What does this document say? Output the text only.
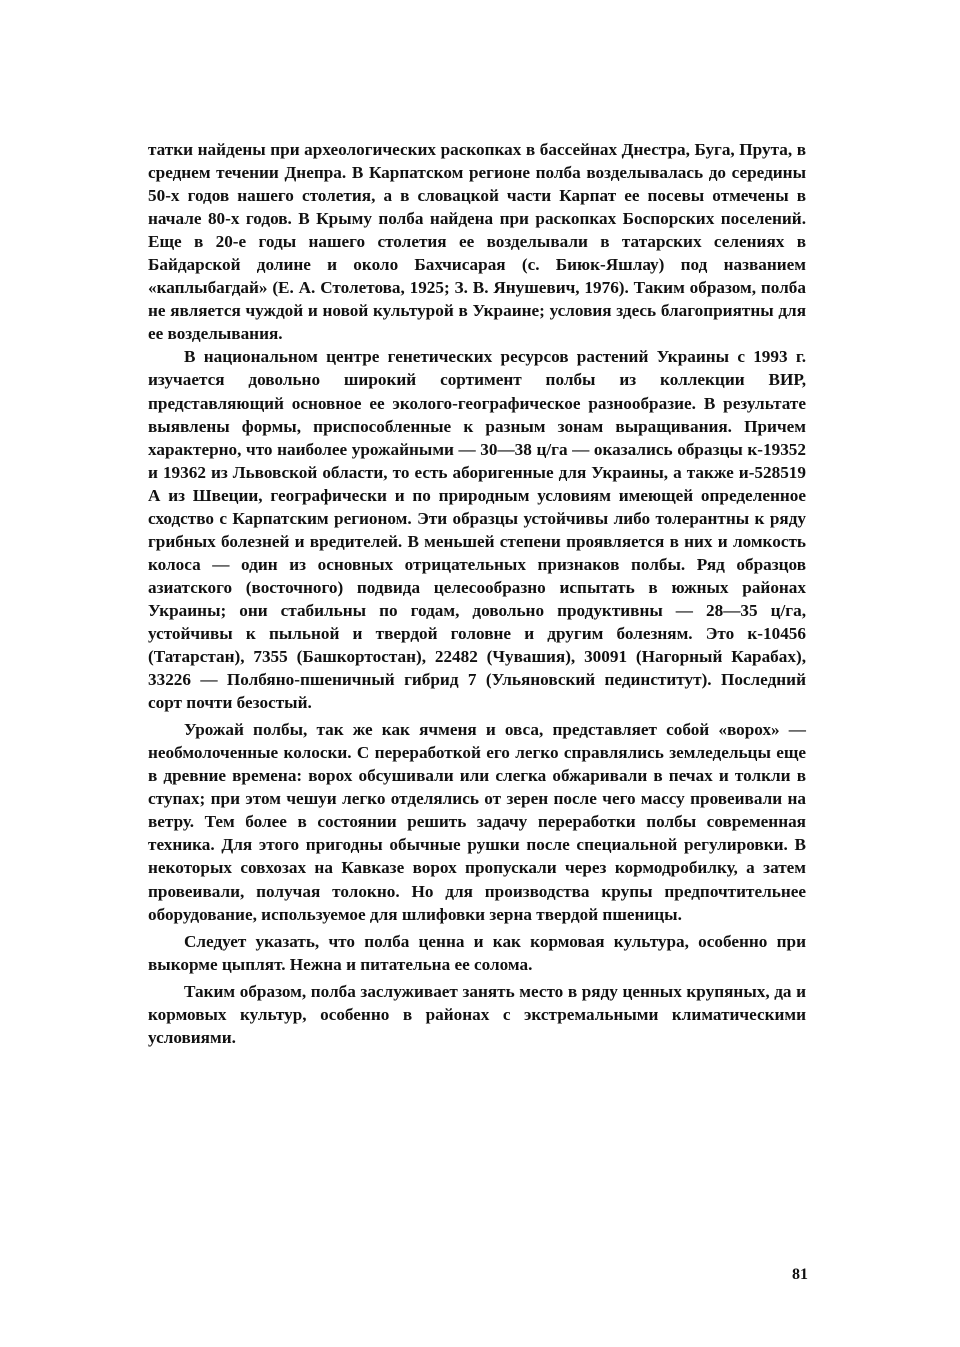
татки найдены при археологических раскопках в бассейнах Днестра, Буга, Прута, в среднем течении Днепра. В Карпатском регионе полба возделывалась до середины 50-х годов нашего столетия, а в словацкой части Карпат ее посевы отмечены в начале 80-х годов. В Крыму полба найдена при раскопках Боспорских поселений. Еще в 20-е годы нашего столетия ее возделывали в татарских селениях в Байдарской долине и около Бахчисарая (с. Биюк-Яшлау) под названием «каплыбагдай» (Е. А. Столетова, 1925; З. В. Янушевич, 1976). Таким образом, полба не является чуждой и новой культурой в Украине; условия здесь благоприятны для ее возделывания.

В национальном центре генетических ресурсов растений Украины с 1993 г. изучается довольно широкий сортимент полбы из коллекции ВИР, представляющий основное ее эколого-географическое разнообразие. В результате выявлены формы, приспособленные к разным зонам выращивания. Причем характерно, что наиболее урожайными — 30—38 ц/га — оказались образцы к-19352 и 19362 из Львовской области, то есть аборигенные для Украины, а также и-528519 А из Швеции, географически и по природным условиям имеющей определенное сходство с Карпатским регионом. Эти образцы устойчивы либо толерантны к ряду грибных болезней и вредителей. В меньшей степени проявляется в них и ломкость колоса — один из основных отрицательных признаков полбы. Ряд образцов азиатского (восточного) подвида целесообразно испытать в южных районах Украины; они стабильны по годам, довольно продуктивны — 28—35 ц/га, устойчивы к пыльной и твердой головне и другим болезням. Это к-10456 (Татарстан), 7355 (Башкортостан), 22482 (Чувашия), 30091 (Нагорный Карабах), 33226 — Полбяно-пшеничный гибрид 7 (Ульяновский пединститут). Последний сорт почти безостый.

Урожай полбы, так же как ячменя и овса, представляет собой «ворох» — необмолоченные колоски. С переработкой его легко справлялись земледельцы еще в древние времена: ворох обсушивали или слегка обжаривали в печах и толкли в ступах; при этом чешуи легко отделялись от зерен после чего массу провеивали на ветру. Тем более в состоянии решить задачу переработки полбы современная техника. Для этого пригодны обычные рушки после специальной регулировки. В некоторых совхозах на Кавказе ворох пропускали через кормодробилку, а затем провеивали, получая толокно. Но для производства крупы предпочтительнее оборудование, используемое для шлифовки зерна твердой пшеницы.

Следует указать, что полба ценна и как кормовая культура, особенно при выкорме цыплят. Нежна и питательна ее солома.

Таким образом, полба заслуживает занять место в ряду ценных крупяных, да и кормовых культур, особенно в районах с экстремальными климатическими условиями.

81
